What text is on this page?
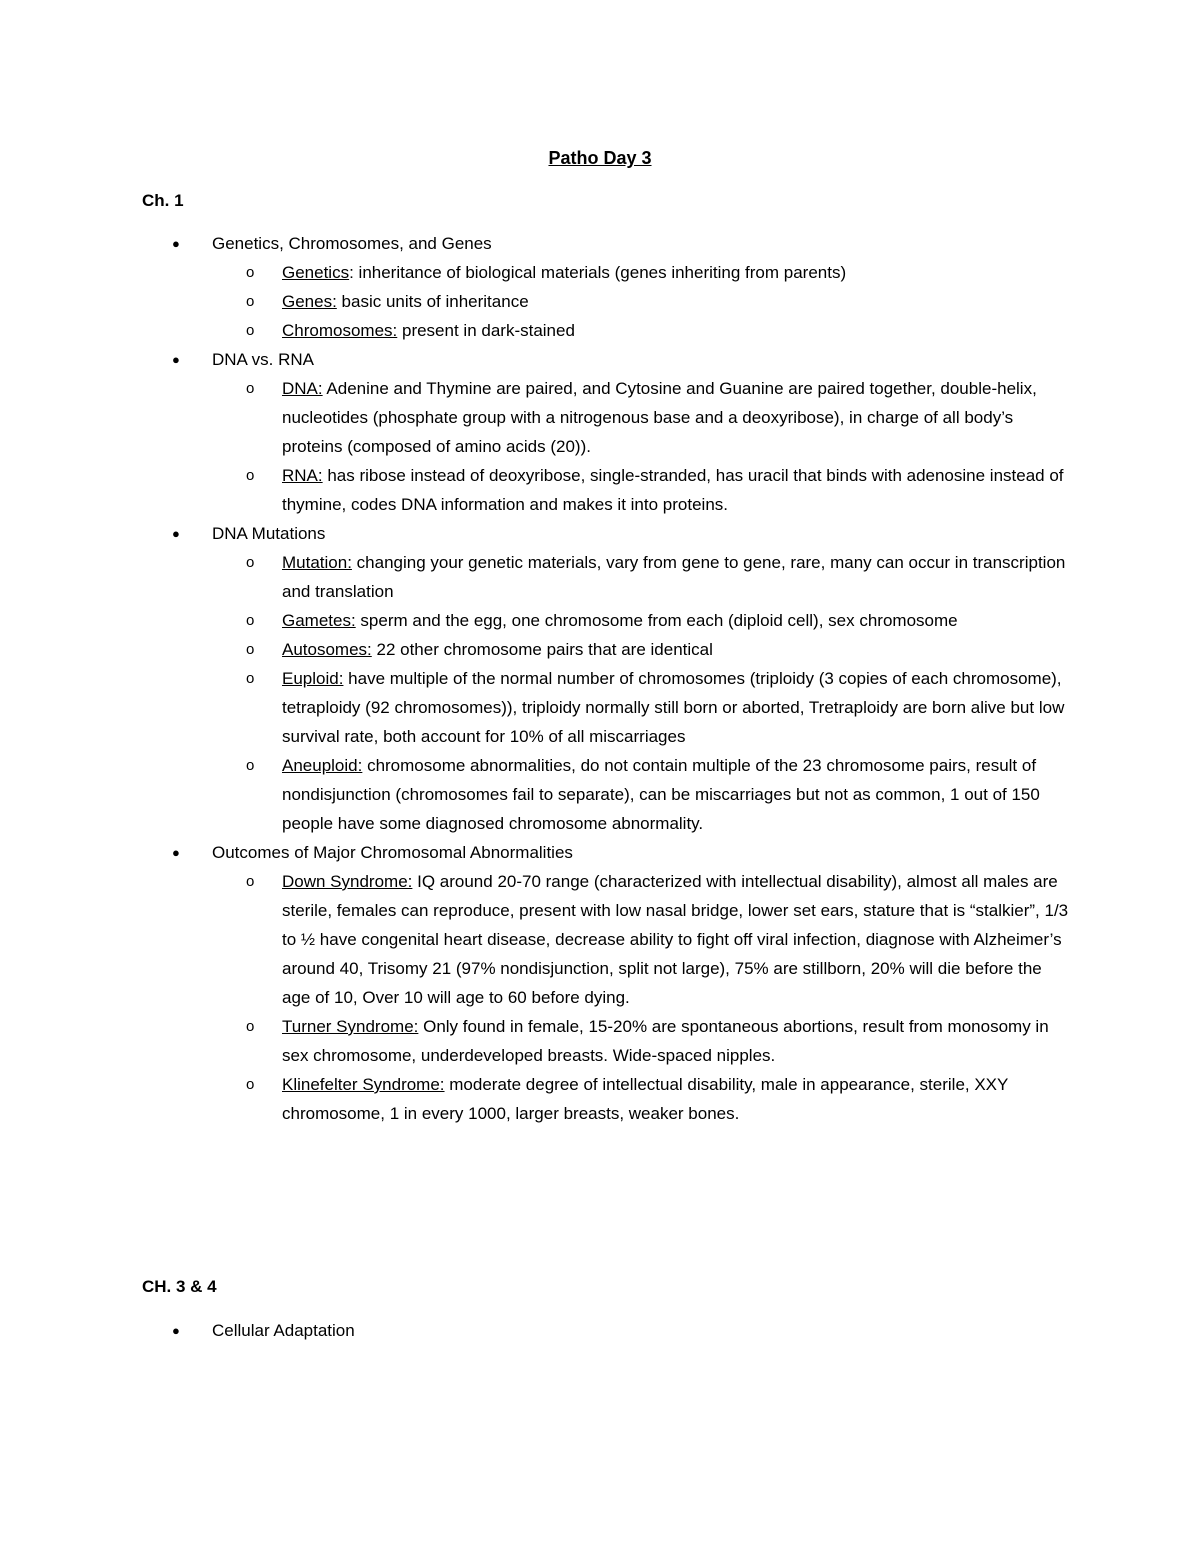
Patho Day 3
Ch. 1
●	Genetics, Chromosomes, and Genes
o Genetics: inheritance of biological materials (genes inheriting from parents)
o Genes: basic units of inheritance
o Chromosomes: present in dark-stained
●	DNA vs. RNA
o DNA: Adenine and Thymine are paired, and Cytosine and Guanine are paired together, double-helix, nucleotides (phosphate group with a nitrogenous base and a deoxyribose), in charge of all body’s proteins (composed of amino acids (20)).
o RNA: has ribose instead of deoxyribose, single-stranded, has uracil that binds with adenosine instead of thymine, codes DNA information and makes it into proteins.
●	DNA Mutations
o Mutation: changing your genetic materials, vary from gene to gene, rare, many can occur in transcription and translation
o Gametes: sperm and the egg, one chromosome from each (diploid cell), sex chromosome
o Autosomes: 22 other chromosome pairs that are identical
o Euploid: have multiple of the normal number of chromosomes (triploidy (3 copies of each chromosome), tetraploidy (92 chromosomes)), triploidy normally still born or aborted, Tretraploidy are born alive but low survival rate, both account for 10% of all miscarriages
o Aneuploid: chromosome abnormalities, do not contain multiple of the 23 chromosome pairs, result of nondisjunction (chromosomes fail to separate), can be miscarriages but not as common, 1 out of 150 people have some diagnosed chromosome abnormality.
●	Outcomes of Major Chromosomal Abnormalities
o Down Syndrome: IQ around 20-70 range (characterized with intellectual disability), almost all males are sterile, females can reproduce, present with low nasal bridge, lower set ears, stature that is “stalkier”, 1/3 to ½ have congenital heart disease, decrease ability to fight off viral infection, diagnose with Alzheimer’s around 40, Trisomy 21 (97% nondisjunction, split not large), 75% are stillborn, 20% will die before the age of 10, Over 10 will age to 60 before dying.
o Turner Syndrome: Only found in female, 15-20% are spontaneous abortions, result from monosomy in sex chromosome, underdeveloped breasts. Wide-spaced nipples.
o Klinefelter Syndrome: moderate degree of intellectual disability, male in appearance, sterile, XXY chromosome, 1 in every 1000, larger breasts, weaker bones.
CH. 3 & 4
●	Cellular Adaptation
